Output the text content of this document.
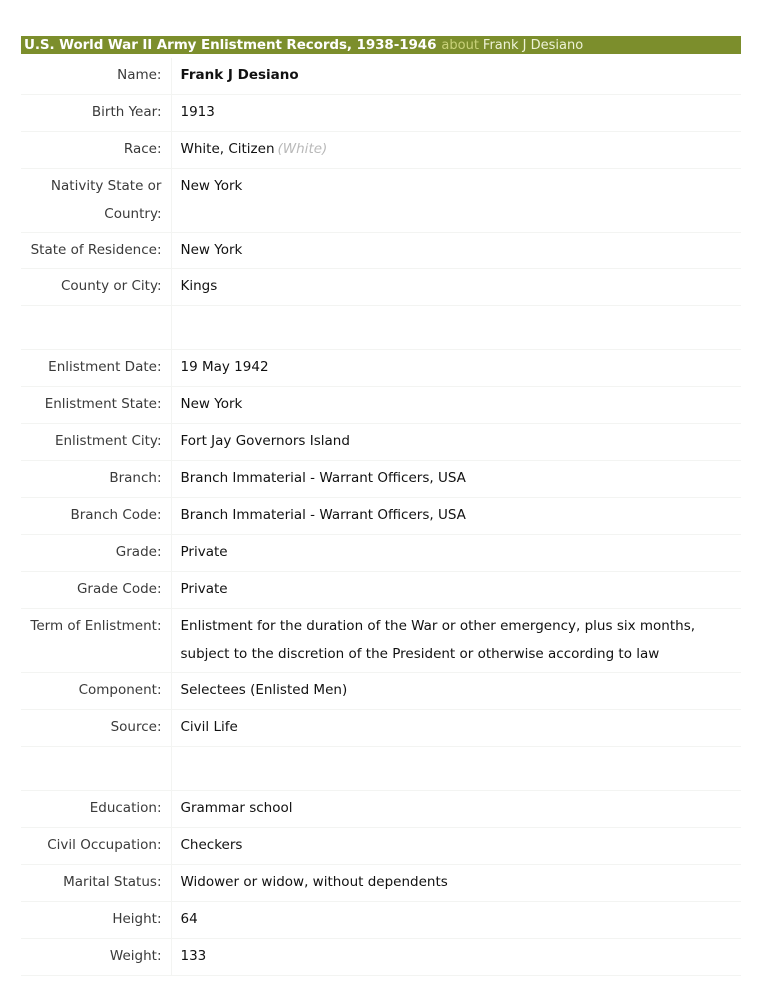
U.S. World War II Army Enlistment Records, 1938-1946 about Frank J Desiano
Name:	Frank J Desiano
Birth Year:	1913
Race:	White, Citizen (White)
Nativity State or Country:	New York
State of Residence:	New York
County or City:	Kings

Enlistment Date:	19 May 1942
Enlistment State:	New York
Enlistment City:	Fort Jay Governors Island
Branch:	Branch Immaterial - Warrant Officers, USA
Branch Code:	Branch Immaterial - Warrant Officers, USA
Grade:	Private
Grade Code:	Private
Term of Enlistment:	Enlistment for the duration of the War or other emergency, plus six months, subject to the discretion of the President or otherwise according to law
Component:	Selectees (Enlisted Men)
Source:	Civil Life

Education:	Grammar school
Civil Occupation:	Checkers
Marital Status:	Widower or widow, without dependents
Height:	64
Weight:	133
